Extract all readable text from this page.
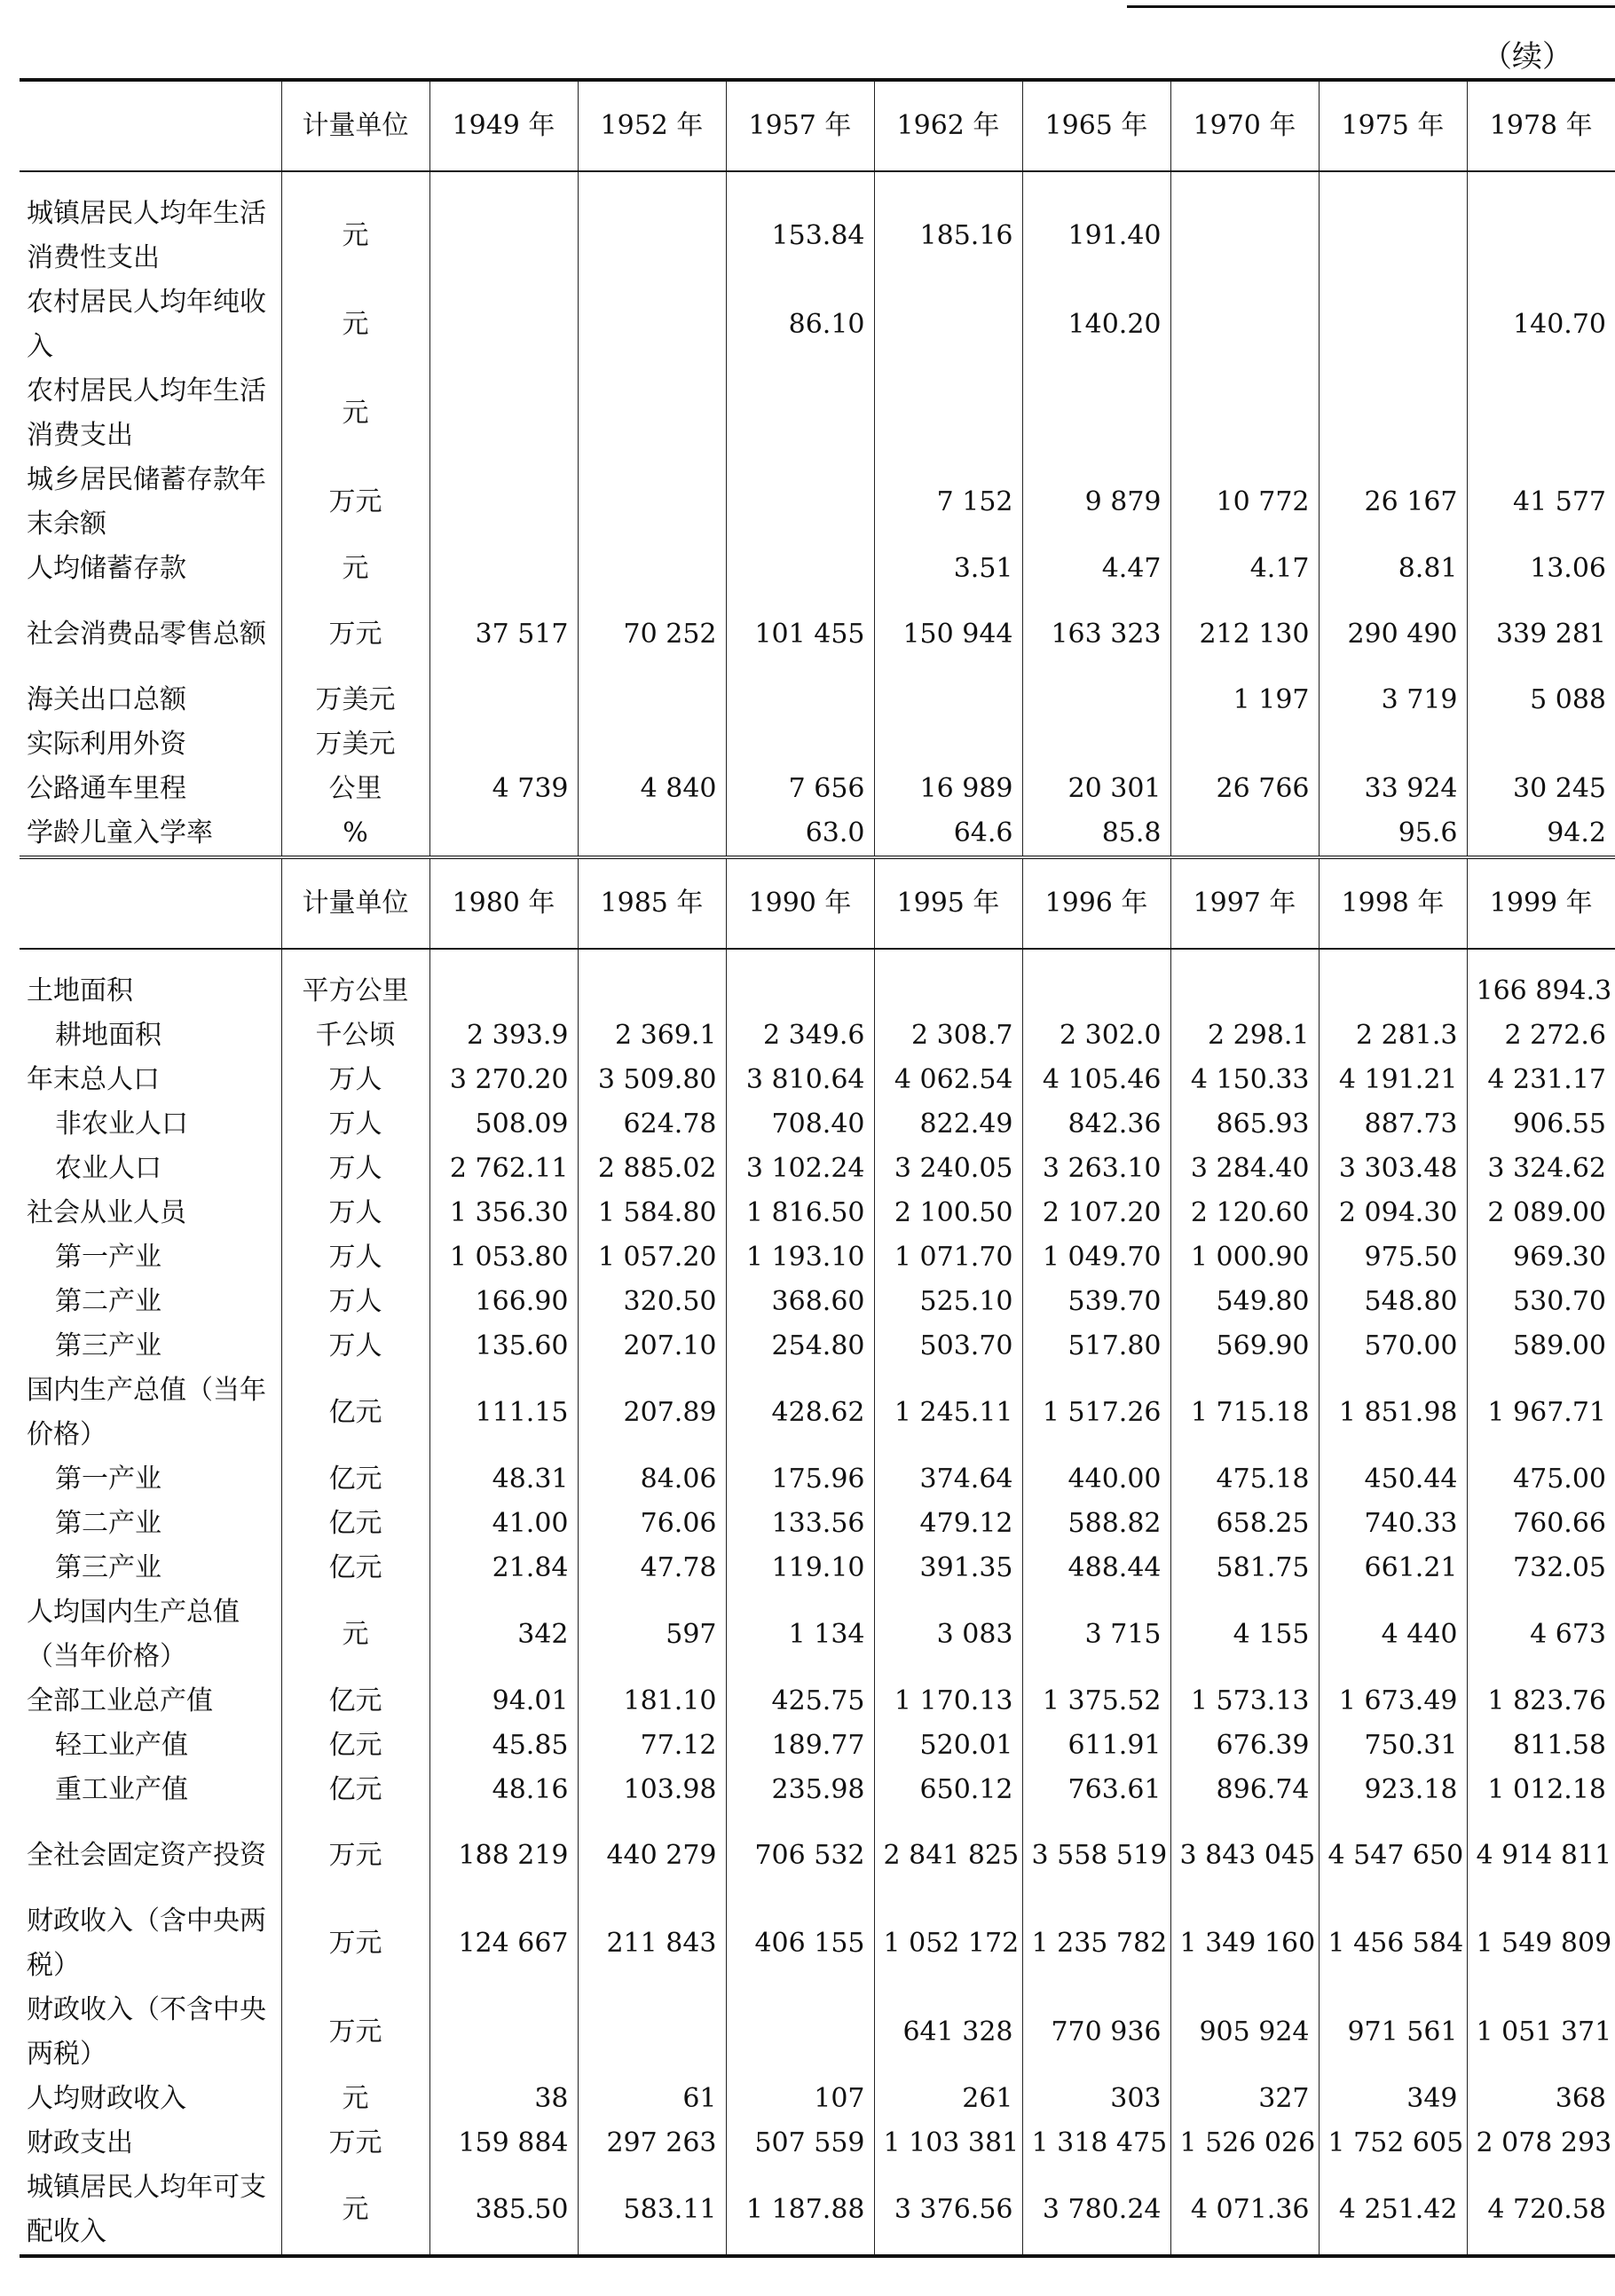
（续）
	计量单位	1949 年	1952 年	1957 年	1962 年	1965 年	1970 年	1975 年	1978 年

城镇居民人均年生活消费性支出	元			153.84	185.16	191.40			
农村居民人均年纯收入	元			86.10		140.20			140.70
农村居民人均年生活消费支出	元								
城乡居民储蓄存款年末余额	万元				7 152	9 879	10 772	26 167	41 577
人均储蓄存款	元				3.51	4.47	4.17	8.81	13.06
社会消费品零售总额	万元	37 517	70 252	101 455	150 944	163 323	212 130	290 490	339 281
海关出口总额	万美元						1 197	3 719	5 088
实际利用外资	万美元								
公路通车里程	公里	4 739	4 840	7 656	16 989	20 301	26 766	33 924	30 245
学龄儿童入学率	%			63.0	64.6	85.8		95.6	94.2
	计量单位	1980 年	1985 年	1990 年	1995 年	1996 年	1997 年	1998 年	1999 年

土地面积	平方公里								166 894.3
耕地面积	千公顷	2 393.9	2 369.1	2 349.6	2 308.7	2 302.0	2 298.1	2 281.3	2 272.6
年末总人口	万人	3 270.20	3 509.80	3 810.64	4 062.54	4 105.46	4 150.33	4 191.21	4 231.17
非农业人口	万人	508.09	624.78	708.40	822.49	842.36	865.93	887.73	906.55
农业人口	万人	2 762.11	2 885.02	3 102.24	3 240.05	3 263.10	3 284.40	3 303.48	3 324.62
社会从业人员	万人	1 356.30	1 584.80	1 816.50	2 100.50	2 107.20	2 120.60	2 094.30	2 089.00
第一产业	万人	1 053.80	1 057.20	1 193.10	1 071.70	1 049.70	1 000.90	975.50	969.30
第二产业	万人	166.90	320.50	368.60	525.10	539.70	549.80	548.80	530.70
第三产业	万人	135.60	207.10	254.80	503.70	517.80	569.90	570.00	589.00
国内生产总值（当年价格）	亿元	111.15	207.89	428.62	1 245.11	1 517.26	1 715.18	1 851.98	1 967.71
第一产业	亿元	48.31	84.06	175.96	374.64	440.00	475.18	450.44	475.00
第二产业	亿元	41.00	76.06	133.56	479.12	588.82	658.25	740.33	760.66
第三产业	亿元	21.84	47.78	119.10	391.35	488.44	581.75	661.21	732.05
人均国内生产总值（当年价格）	元	342	597	1 134	3 083	3 715	4 155	4 440	4 673
全部工业总产值	亿元	94.01	181.10	425.75	1 170.13	1 375.52	1 573.13	1 673.49	1 823.76
轻工业产值	亿元	45.85	77.12	189.77	520.01	611.91	676.39	750.31	811.58
重工业产值	亿元	48.16	103.98	235.98	650.12	763.61	896.74	923.18	1 012.18
全社会固定资产投资	万元	188 219	440 279	706 532	2 841 825	3 558 519	3 843 045	4 547 650	4 914 811
财政收入（含中央两税）	万元	124 667	211 843	406 155	1 052 172	1 235 782	1 349 160	1 456 584	1 549 809
财政收入（不含中央两税）	万元				641 328	770 936	905 924	971 561	1 051 371
人均财政收入	元	38	61	107	261	303	327	349	368
财政支出	万元	159 884	297 263	507 559	1 103 381	1 318 475	1 526 026	1 752 605	2 078 293
城镇居民人均年可支配收入	元	385.50	583.11	1 187.88	3 376.56	3 780.24	4 071.36	4 251.42	4 720.58
